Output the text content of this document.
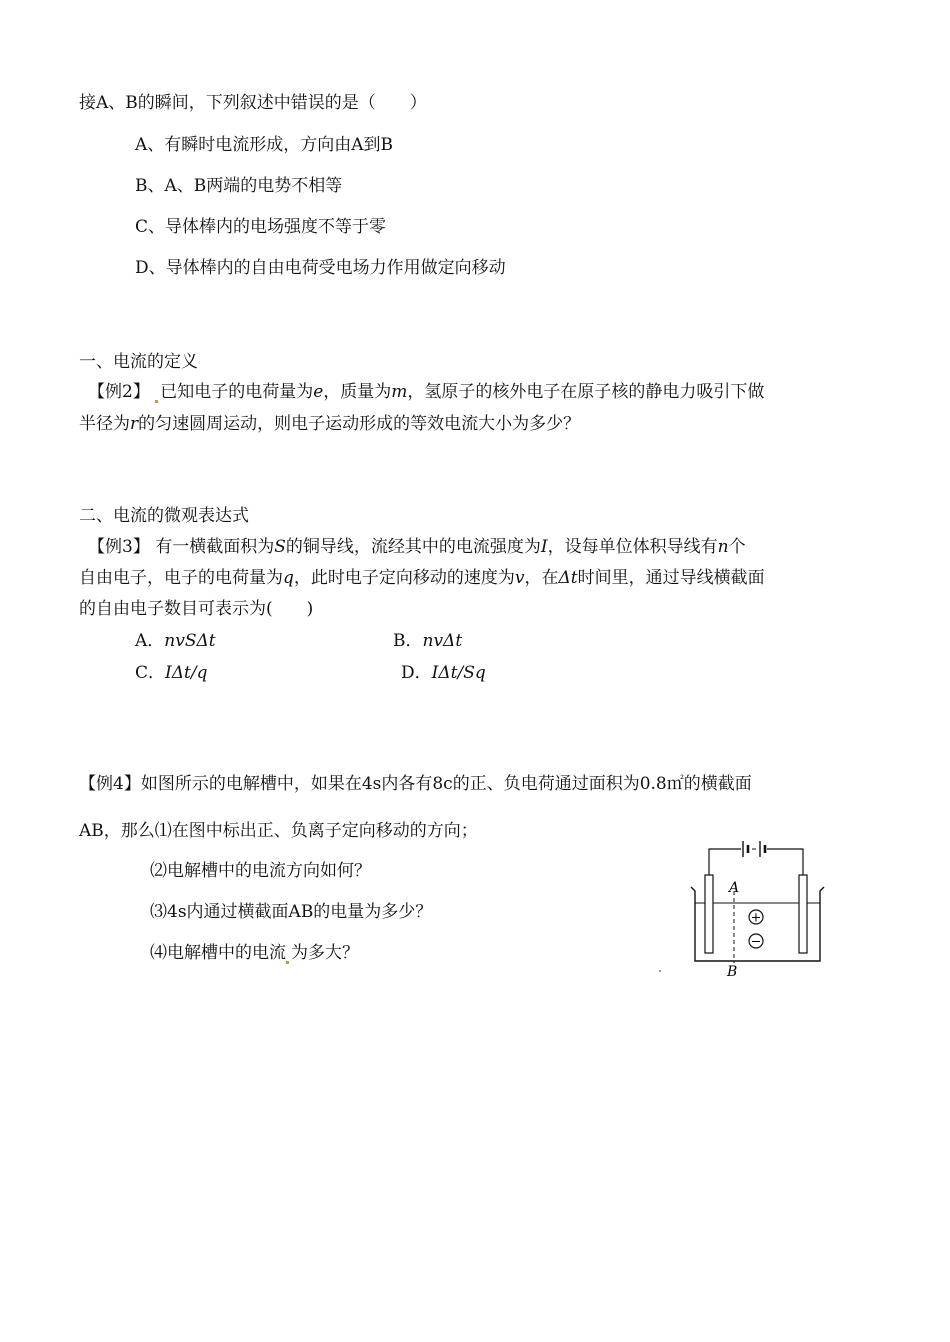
接A、B的瞬间，下列叙述中错误的是（　　）
A、有瞬时电流形成，方向由A到B
B、A、B两端的电势不相等
C、导体棒内的电场强度不等于零
D、导体棒内的自由电荷受电场力作用做定向移动
一、电流的定义
【例2】 已知电子的电荷量为e，质量为m，氢原子的核外电子在原子核的静电力吸引下做
半径为r的匀速圆周运动，则电子运动形成的等效电流大小为多少？
二、电流的微观表达式
【例3】 有一横截面积为S的铜导线，流经其中的电流强度为I，设每单位体积导线有n个
自由电子，电子的电荷量为q，此时电子定向移动的速度为v，在Δt时间里，通过导线横截面
的自由电子数目可表示为(　　)
A．nvSΔt	B．nvΔt
C．IΔt/q	D．IΔt/Sq
【例4】如图所示的电解槽中，如果在4s内各有8c的正、负电荷通过面积为0.8㎡的横截面
AB，那么⑴在图中标出正、负离子定向移动的方向；
⑵电解槽中的电流方向如何？
⑶4s内通过横截面AB的电量为多少？
⑷电解槽中的电流 为多大？
A
B
+
−
